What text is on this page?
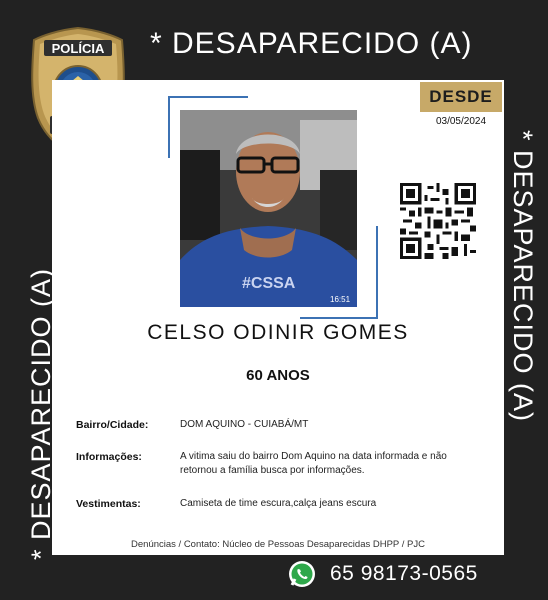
POLÍCIA * DESAPARECIDO (A)
DESDE
03/05/2024
* DESAPARECIDO (A)	* DESAPARECIDO (A)
#CSSA
16:51
CELSO ODINIR GOMES
60 ANOS
Bairro/Cidade:	DOM AQUINO - CUIABÁ/MT
Informações:	A vitima saiu do bairro Dom Aquino na data informada e não retornou a família busca por informações.
Vestimentas:	Camiseta de time escura,calça jeans escura
Denúncias / Contato: Núcleo de Pessoas Desaparecidas DHPP / PJC
65 98173-0565
